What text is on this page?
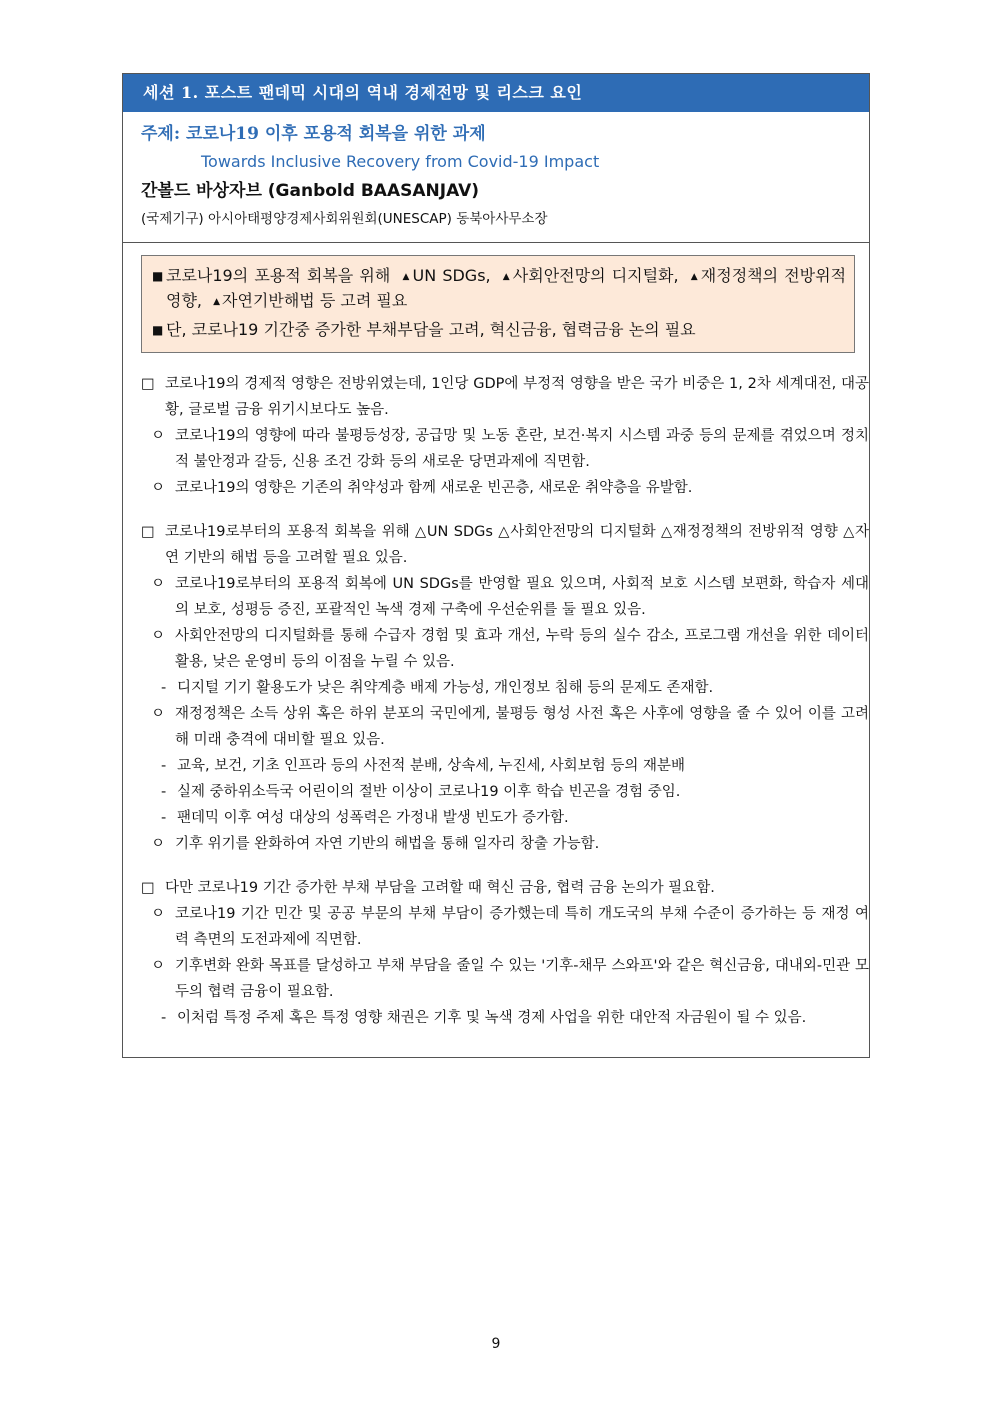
세션 1. 포스트 팬데믹 시대의 역내 경제전망 및 리스크 요인
주제: 코로나19 이후 포용적 회복을 위한 과제
Towards Inclusive Recovery from Covid-19 Impact
간볼드 바상자브 (Ganbold BAASANJAV)
(국제기구) 아시아태평양경제사회위원회(UNESCAP) 동북아사무소장
■ 코로나19의 포용적 회복을 위해 ▲ UN SDGs, ▲ 사회안전망의 디지털화, ▲ 재정정책의 전방위적 영향, ▲ 자연기반해법 등 고려 필요
■ 단, 코로나19 기간중 증가한 부채부담을 고려, 혁신금융, 협력금융 논의 필요
□ 코로나19의 경제적 영향은 전방위였는데, 1인당 GDP에 부정적 영향을 받은 국가 비중은 1, 2차 세계대전, 대공황, 글로벌 금융 위기시보다도 높음.
ㅇ 코로나19의 영향에 따라 불평등성장, 공급망 및 노동 혼란, 보건·복지 시스템 과중 등의 문제를 겪었으며 정치적 불안정과 갈등, 신용 조건 강화 등의 새로운 당면과제에 직면함.
ㅇ 코로나19의 영향은 기존의 취약성과 함께 새로운 빈곤층, 새로운 취약층을 유발함.
□ 코로나19로부터의 포용적 회복을 위해 △UN SDGs △사회안전망의 디지털화 △재정정책의 전방위적 영향 △자연 기반의 해법 등을 고려할 필요 있음.
ㅇ 코로나19로부터의 포용적 회복에 UN SDGs를 반영할 필요 있으며, 사회적 보호 시스템 보편화, 학습자 세대의 보호, 성평등 증진, 포괄적인 녹색 경제 구축에 우선순위를 둘 필요 있음.
ㅇ 사회안전망의 디지털화를 통해 수급자 경험 및 효과 개선, 누락 등의 실수 감소, 프로그램 개선을 위한 데이터 활용, 낮은 운영비 등의 이점을 누릴 수 있음.
- 디지털 기기 활용도가 낮은 취약계층 배제 가능성, 개인정보 침해 등의 문제도 존재함.
ㅇ 재정정책은 소득 상위 혹은 하위 분포의 국민에게, 불평등 형성 사전 혹은 사후에 영향을 줄 수 있어 이를 고려해 미래 충격에 대비할 필요 있음.
- 교육, 보건, 기초 인프라 등의 사전적 분배, 상속세, 누진세, 사회보험 등의 재분배
- 실제 중하위소득국 어린이의 절반 이상이 코로나19 이후 학습 빈곤을 경험 중임.
- 팬데믹 이후 여성 대상의 성폭력은 가정내 발생 빈도가 증가함.
ㅇ 기후 위기를 완화하여 자연 기반의 해법을 통해 일자리 창출 가능함.
□ 다만 코로나19 기간 증가한 부채 부담을 고려할 때 혁신 금융, 협력 금융 논의가 필요함.
ㅇ 코로나19 기간 민간 및 공공 부문의 부채 부담이 증가했는데 특히 개도국의 부채 수준이 증가하는 등 재정 여력 측면의 도전과제에 직면함.
ㅇ 기후변화 완화 목표를 달성하고 부채 부담을 줄일 수 있는 '기후-채무 스와프'와 같은 혁신금융, 대내외-민관 모두의 협력 금융이 필요함.
- 이처럼 특정 주제 혹은 특정 영향 채권은 기후 및 녹색 경제 사업을 위한 대안적 자금원이 될 수 있음.
9
